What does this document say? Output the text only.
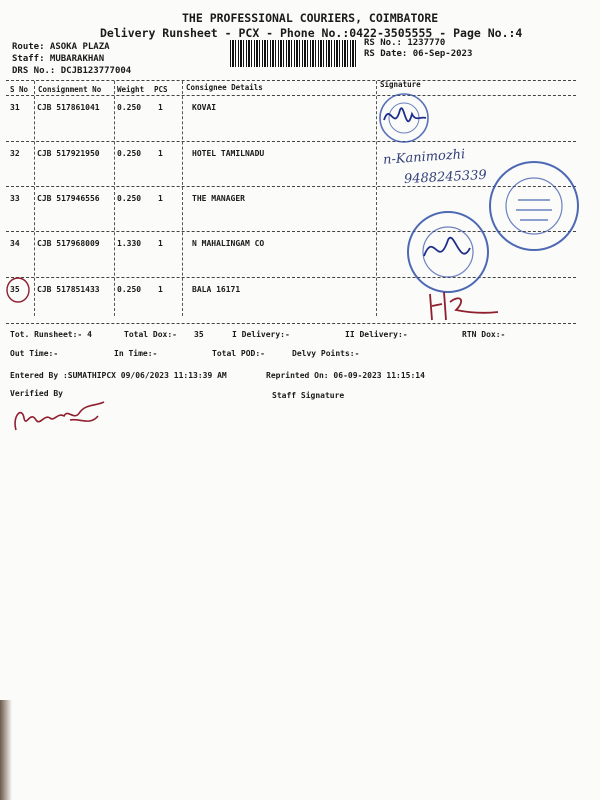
THE PROFESSIONAL COURIERS, COIMBATORE
Delivery Runsheet - PCX - Phone No.:0422-3505555 - Page No.:4
Route: ASOKA PLAZA
Staff: MUBARAKHAN
DRS No.: DCJB123777004
RS No.: 1237770
RS Date: 06-Sep-2023
S No Consignment No Weight PCS Consignee Details	Signature
31 CJB 517861041 0.250 1	KOVAI
32 CJB 517921950 0.250 1	HOTEL TAMILNADU
33 CJB 517946556 0.250 1	THE MANAGER
34 CJB 517968009 1.330 1	N MAHALINGAM CO
35 CJB 517851433 0.250 1	BALA 16171
n-Kanimozhi
9488245339
Tot. Runsheet:- 4	Total Dox:- 35	I Delivery:-	II Delivery:-	RTN Dox:-
Out Time:-	In Time:-	Total POD:-	Delvy Points:-
Entered By :SUMATHIPCX 09/06/2023 11:13:39 AM	Reprinted On: 06-09-2023 11:15:14
Verified By	Staff Signature
